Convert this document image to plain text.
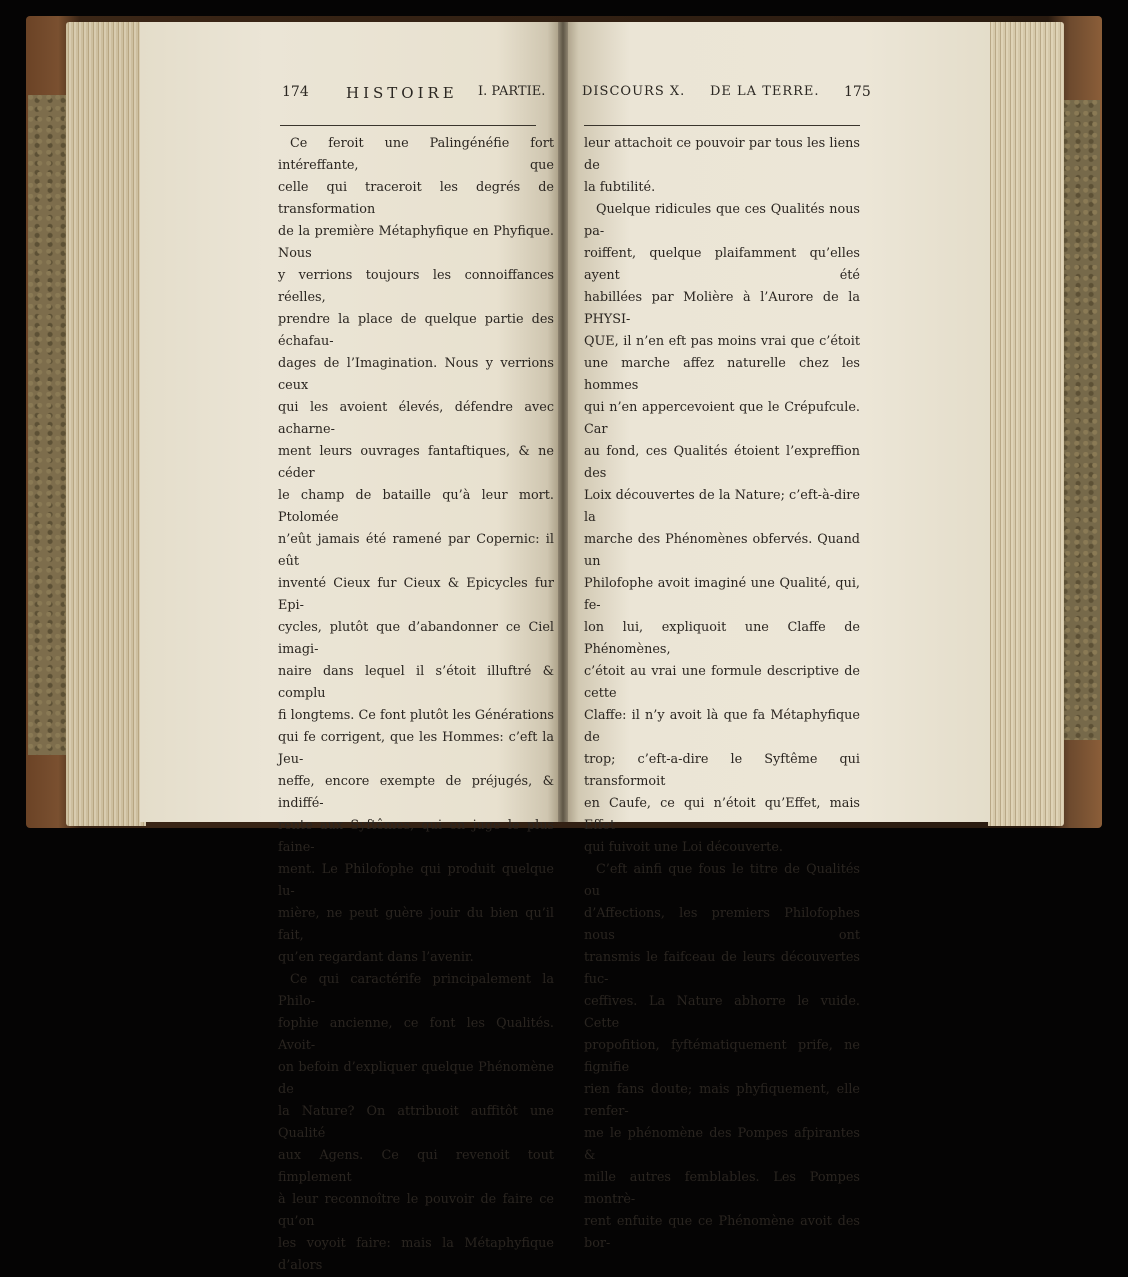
174 HISTOIRE I. PARTIE.	DISCOURS X. DE LA TERRE. 175

Ce feroit une Palingénéfie fort intéreffante, que

celle qui traceroit les degrés de transformation

de la première Métaphyfique en Phyfique. Nous

y verrions toujours les connoiffances réelles,

prendre la place de quelque partie des échafau-

dages de l’Imagination. Nous y verrions ceux

qui les avoient élevés, défendre avec acharne-

ment leurs ouvrages fantaftiques, & ne céder

le champ de bataille qu’à leur mort. Ptolomée

n’eût jamais été ramené par Copernic: il eût

inventé Cieux fur Cieux & Epicycles fur Epi-

cycles, plutôt que d’abandonner ce Ciel imagi-

naire dans lequel il s’étoit illuftré & complu

fi longtems. Ce font plutôt les Générations

qui fe corrigent, que les Hommes: c’eft la Jeu-

neffe, encore exempte de préjugés, & indiffé-

rente aux Syftêmes, qui en juge le plus faine-

ment. Le Philofophe qui produit quelque lu-

mière, ne peut guère jouir du bien qu’il fait,

qu’en regardant dans l’avenir.

Ce qui caractérife principalement la Philo-

fophie ancienne, ce font les Qualités. Avoit-

on befoin d’expliquer quelque Phénomène de

la Nature? On attribuoit auffitôt une Qualité

aux Agens. Ce qui revenoit tout fimplement

à leur reconnoître le pouvoir de faire ce qu’on

les voyoit faire: mais la Métaphyfique d’alors

leur attachoit ce pouvoir par tous les liens de

la fubtilité.

Quelque ridicules que ces Qualités nous pa-

roiffent, quelque plaifamment qu’elles ayent été

habillées par Molière à l’Aurore de la PHYSI-

QUE, il n’en eft pas moins vrai que c’étoit

une marche affez naturelle chez les hommes

qui n’en appercevoient que le Crépufcule. Car

au fond, ces Qualités étoient l’expreffion des

Loix découvertes de la Nature; c’eft-à-dire la

marche des Phénomènes obfervés. Quand un

Philofophe avoit imaginé une Qualité, qui, fe-

lon lui, expliquoit une Claffe de Phénomènes,

c’étoit au vrai une formule descriptive de cette

Claffe: il n’y avoit là que fa Métaphyfique de

trop; c’eft-a-dire le Syftême qui transformoit

en Caufe, ce qui n’étoit qu’Effet, mais Effet

qui fuivoit une Loi découverte.

C’eft ainfi que fous le titre de Qualités ou

d’Affections, les premiers Philofophes nous ont

transmis le faifceau de leurs découvertes fuc-

ceffives. La Nature abhorre le vuide. Cette

propofition, fyftématiquement prife, ne fignifie

rien fans doute; mais phyfiquement, elle renfer-

me le phénomène des Pompes afpirantes &

mille autres femblables. Les Pompes montrè-

rent enfuite que ce Phénomène avoit des bor-
